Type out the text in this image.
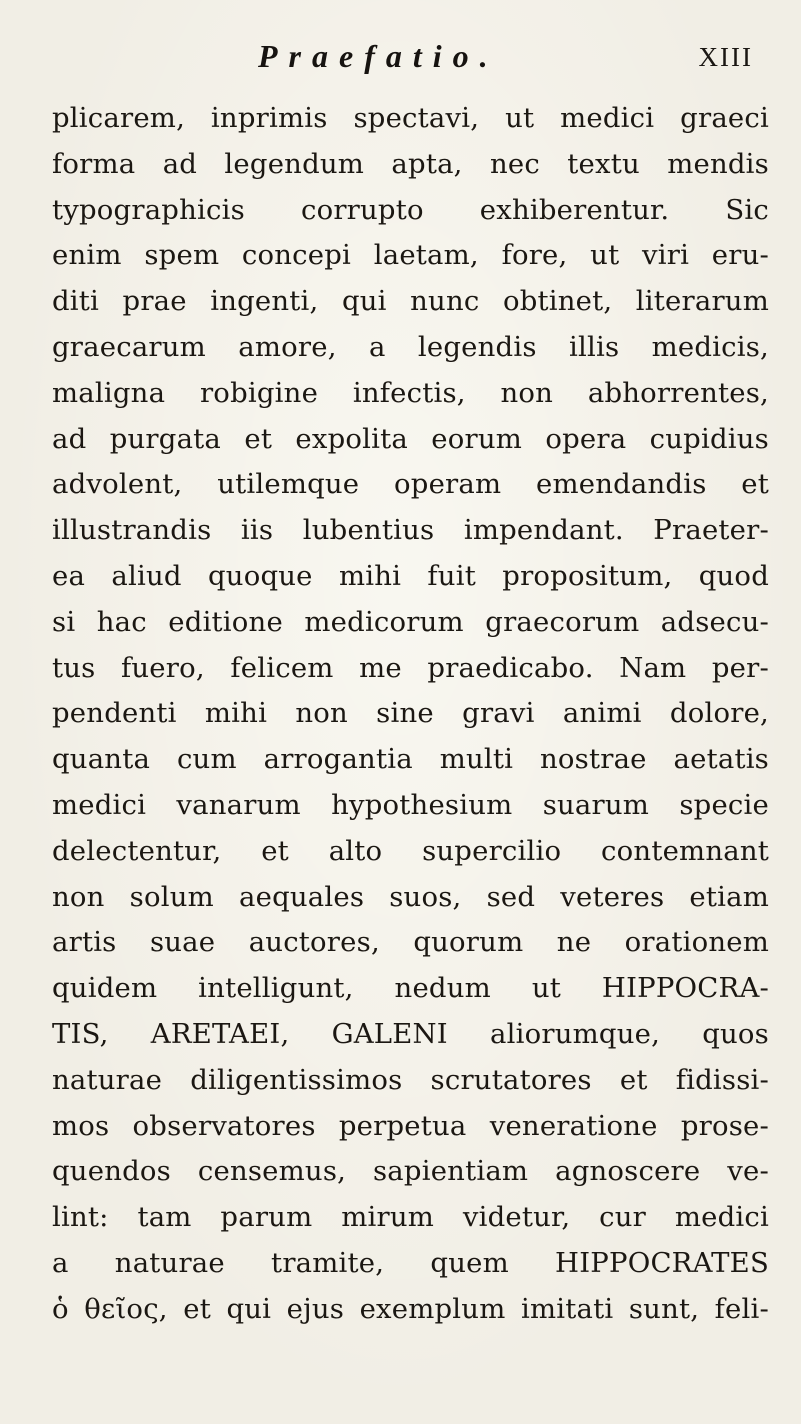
Praefatio.	XIII
plicarem, inprimis spectavi, ut medici graeci
forma ad legendum apta, nec textu mendis
typographicis corrupto exhiberentur. Sic
enim spem concepi laetam, fore, ut viri eru-
diti prae ingenti, qui nunc obtinet, literarum
graecarum amore, a legendis illis medicis,
maligna robigine infectis, non abhorrentes,
ad purgata et expolita eorum opera cupidius
advolent, utilemque operam emendandis et
illustrandis iis lubentius impendant. Praeter-
ea aliud quoque mihi fuit propositum, quod
si hac editione medicorum graecorum adsecu-
tus fuero, felicem me praedicabo. Nam per-
pendenti mihi non sine gravi animi dolore,
quanta cum arrogantia multi nostrae aetatis
medici vanarum hypothesium suarum specie
delectentur, et alto supercilio contemnant
non solum aequales suos, sed veteres etiam
artis suae auctores, quorum ne orationem
quidem intelligunt, nedum ut HIPPOCRA-
TIS, ARETAEI, GALENI aliorumque, quos
naturae diligentissimos scrutatores et fidissi-
mos observatores perpetua veneratione prose-
quendos censemus, sapientiam agnoscere ve-
lint: tam parum mirum videtur, cur medici
a naturae tramite, quem HIPPOCRATES
ὁ θεῖος, et qui ejus exemplum imitati sunt, feli-
